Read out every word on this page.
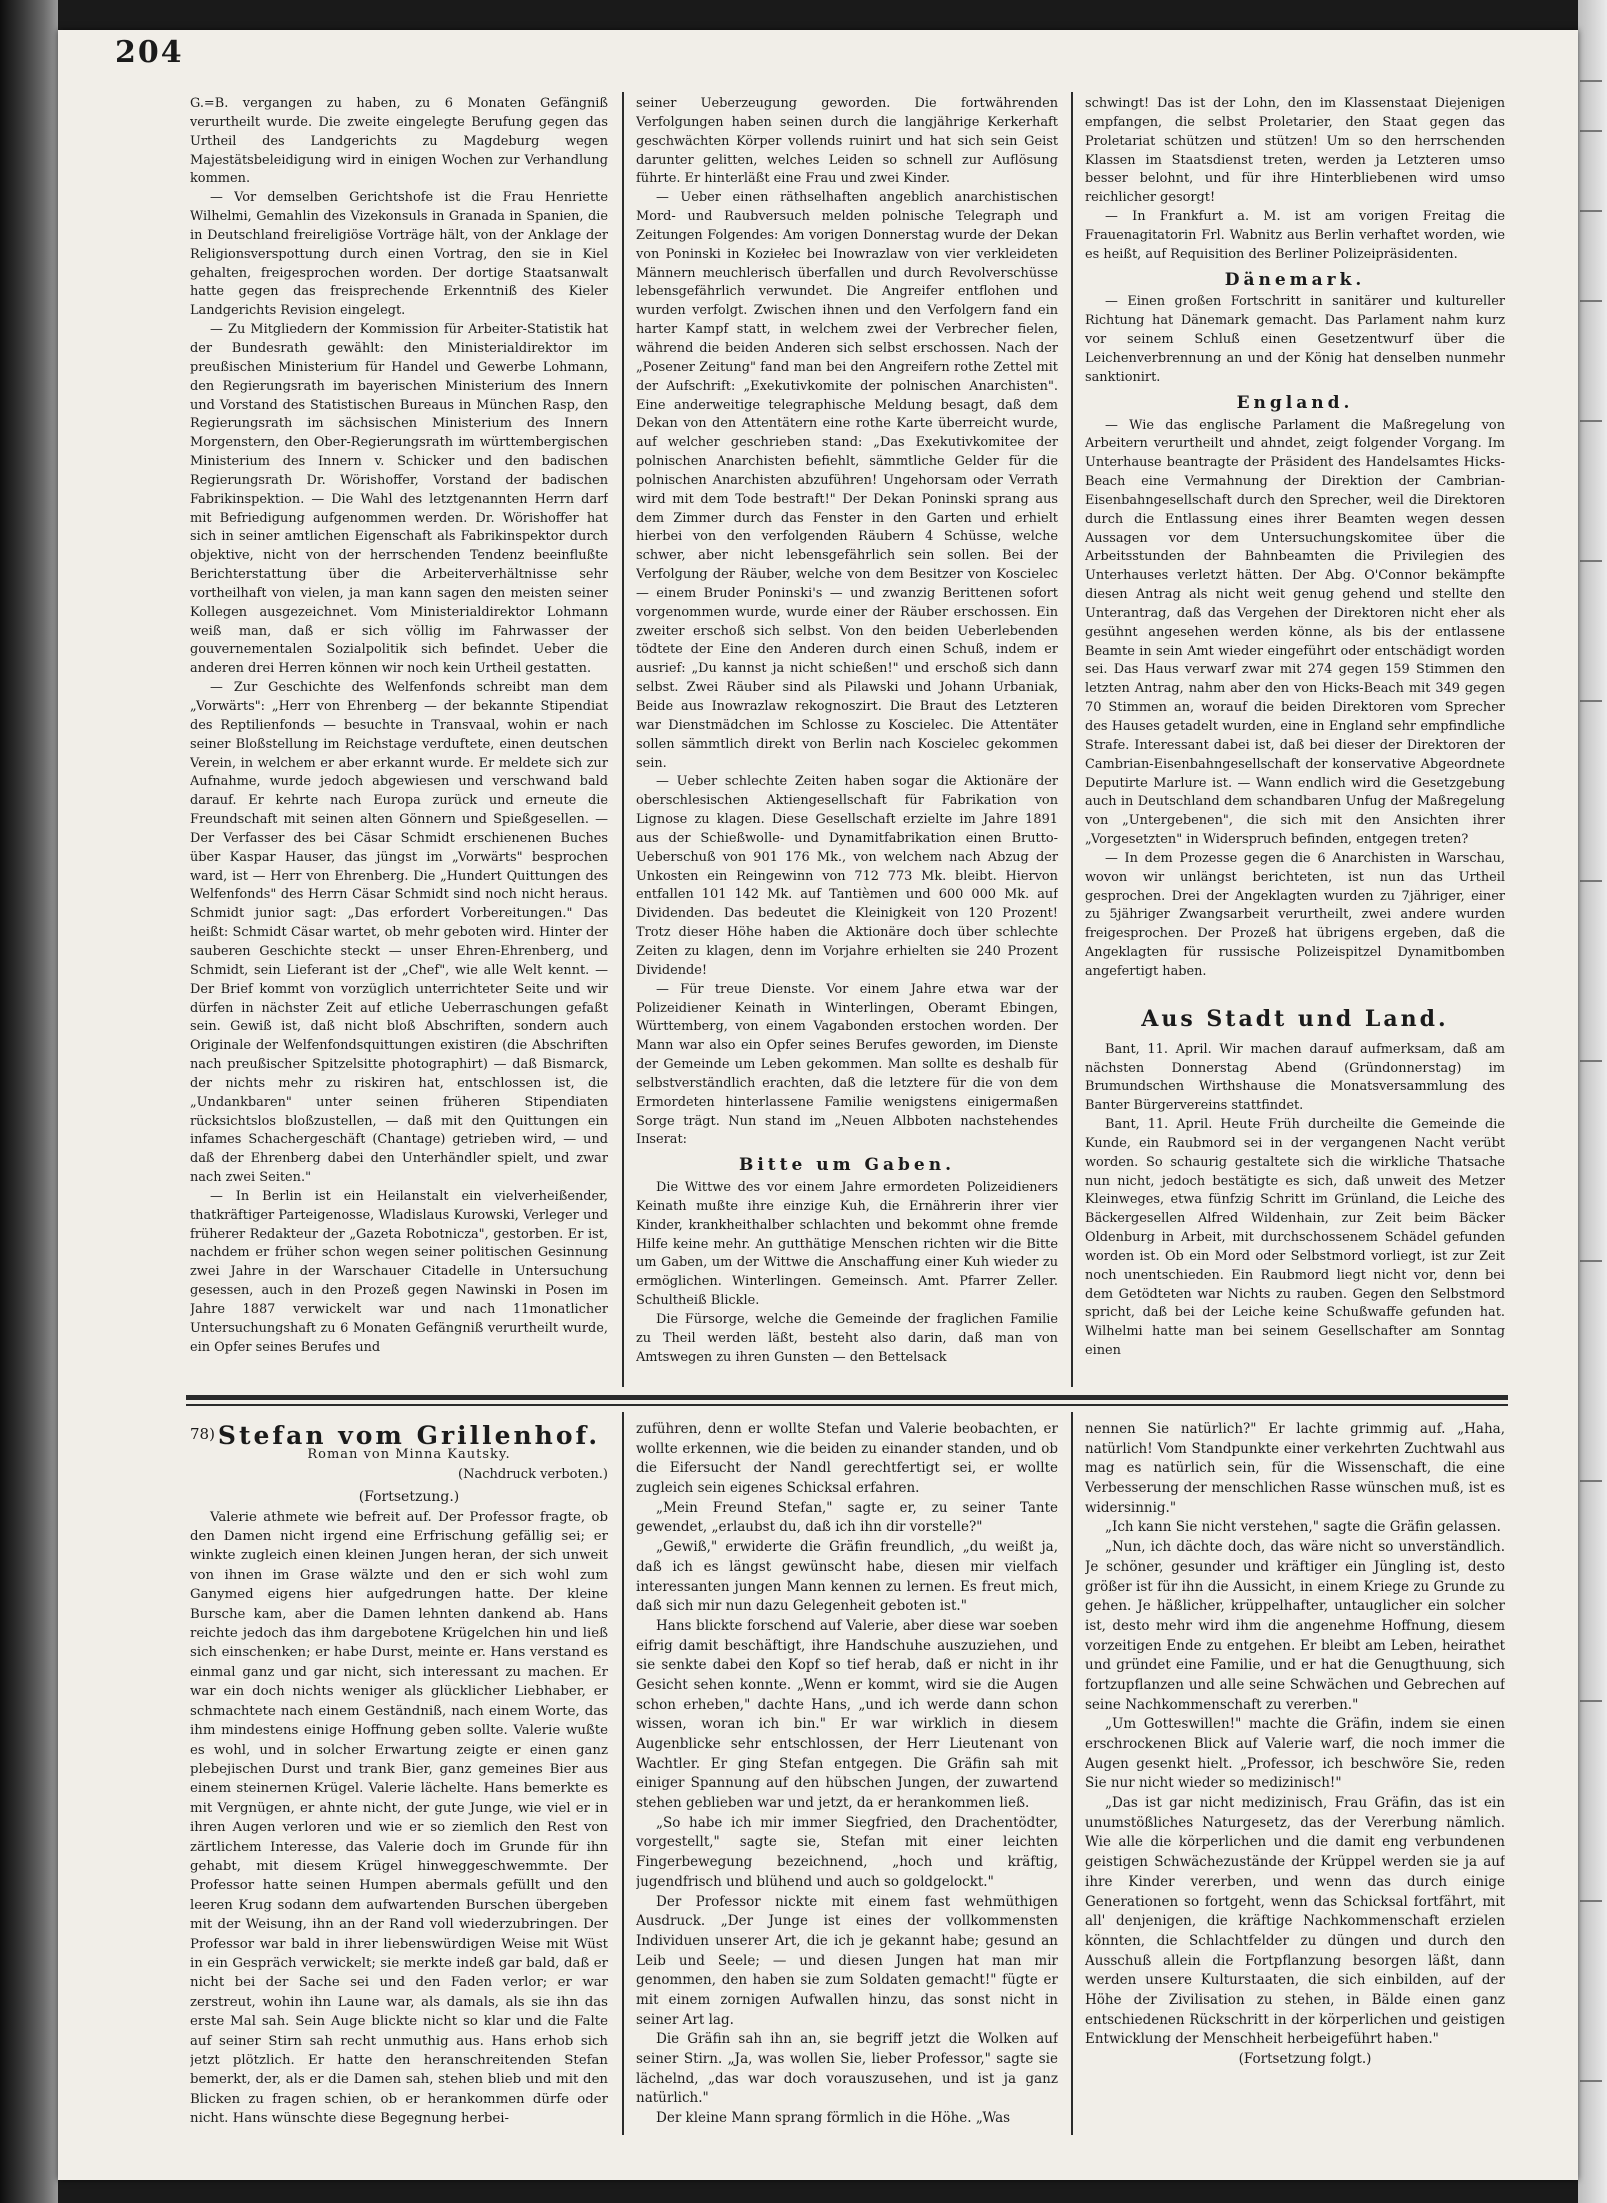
204

G.=B. vergangen zu haben, zu 6 Monaten Gefängniß verurtheilt wurde. Die zweite eingelegte Berufung gegen das Urtheil des Landgerichts zu Magdeburg wegen Majestätsbeleidigung wird in einigen Wochen zur Verhandlung kommen.

— Vor demselben Gerichtshofe ist die Frau Henriette Wilhelmi, Gemahlin des Vizekonsuls in Granada in Spanien, die in Deutschland freireligiöse Vorträge hält, von der Anklage der Religionsverspottung durch einen Vortrag, den sie in Kiel gehalten, freigesprochen worden. Der dortige Staatsanwalt hatte gegen das freisprechende Erkenntniß des Kieler Landgerichts Revision eingelegt.

— Zu Mitgliedern der Kommission für Arbeiter-Statistik hat der Bundesrath gewählt: den Ministerialdirektor im preußischen Ministerium für Handel und Gewerbe Lohmann, den Regierungsrath im bayerischen Ministerium des Innern und Vorstand des Statistischen Bureaus in München Rasp, den Regierungsrath im sächsischen Ministerium des Innern Morgenstern, den Ober-Regierungsrath im württembergischen Ministerium des Innern v. Schicker und den badischen Regierungsrath Dr. Wörishoffer, Vorstand der badischen Fabrikinspektion. — Die Wahl des letztgenannten Herrn darf mit Befriedigung aufgenommen werden. Dr. Wörishoffer hat sich in seiner amtlichen Eigenschaft als Fabrikinspektor durch objektive, nicht von der herrschenden Tendenz beeinflußte Berichterstattung über die Arbeiterverhältnisse sehr vortheilhaft von vielen, ja man kann sagen den meisten seiner Kollegen ausgezeichnet. Vom Ministerialdirektor Lohmann weiß man, daß er sich völlig im Fahrwasser der gouvernementalen Sozialpolitik sich befindet. Ueber die anderen drei Herren können wir noch kein Urtheil gestatten.

— Zur Geschichte des Welfenfonds schreibt man dem „Vorwärts": „Herr von Ehrenberg — der bekannte Stipendiat des Reptilienfonds — besuchte in Transvaal, wohin er nach seiner Bloßstellung im Reichstage verduftete, einen deutschen Verein, in welchem er aber erkannt wurde. Er meldete sich zur Aufnahme, wurde jedoch abgewiesen und verschwand bald darauf. Er kehrte nach Europa zurück und erneute die Freundschaft mit seinen alten Gönnern und Spießgesellen. — Der Verfasser des bei Cäsar Schmidt erschienenen Buches über Kaspar Hauser, das jüngst im „Vorwärts" besprochen ward, ist — Herr von Ehrenberg. Die „Hundert Quittungen des Welfenfonds" des Herrn Cäsar Schmidt sind noch nicht heraus. Schmidt junior sagt: „Das erfordert Vorbereitungen." Das heißt: Schmidt Cäsar wartet, ob mehr geboten wird. Hinter der sauberen Geschichte steckt — unser Ehren-Ehrenberg, und Schmidt, sein Lieferant ist der „Chef", wie alle Welt kennt. — Der Brief kommt von vorzüglich unterrichteter Seite und wir dürfen in nächster Zeit auf etliche Ueberraschungen gefaßt sein. Gewiß ist, daß nicht bloß Abschriften, sondern auch Originale der Welfenfondsquittungen existiren (die Abschriften nach preußischer Spitzelsitte photographirt) — daß Bismarck, der nichts mehr zu riskiren hat, entschlossen ist, die „Undankbaren" unter seinen früheren Stipendiaten rücksichtslos bloßzustellen, — daß mit den Quittungen ein infames Schachergeschäft (Chantage) getrieben wird, — und daß der Ehrenberg dabei den Unterhändler spielt, und zwar nach zwei Seiten."

— In Berlin ist ein Heilanstalt ein vielverheißender, thatkräftiger Parteigenosse, Wladislaus Kurowski, Verleger und früherer Redakteur der „Gazeta Robotnicza", gestorben. Er ist, nachdem er früher schon wegen seiner politischen Gesinnung zwei Jahre in der Warschauer Citadelle in Untersuchung gesessen, auch in den Prozeß gegen Nawinski in Posen im Jahre 1887 verwickelt war und nach 11monatlicher Untersuchungshaft zu 6 Monaten Gefängniß verurtheilt wurde, ein Opfer seines Berufes und

seiner Ueberzeugung geworden. Die fortwährenden Verfolgungen haben seinen durch die langjährige Kerkerhaft geschwächten Körper vollends ruinirt und hat sich sein Geist darunter gelitten, welches Leiden so schnell zur Auflösung führte. Er hinterläßt eine Frau und zwei Kinder.

— Ueber einen räthselhaften angeblich anarchistischen Mord- und Raubversuch melden polnische Telegraph und Zeitungen Folgendes: Am vorigen Donnerstag wurde der Dekan von Poninski in Koziełec bei Inowrazlaw von vier verkleideten Männern meuchlerisch überfallen und durch Revolverschüsse lebensgefährlich verwundet. Die Angreifer entflohen und wurden verfolgt. Zwischen ihnen und den Verfolgern fand ein harter Kampf statt, in welchem zwei der Verbrecher fielen, während die beiden Anderen sich selbst erschossen. Nach der „Posener Zeitung" fand man bei den Angreifern rothe Zettel mit der Aufschrift: „Exekutivkomite der polnischen Anarchisten". Eine anderweitige telegraphische Meldung besagt, daß dem Dekan von den Attentätern eine rothe Karte überreicht wurde, auf welcher geschrieben stand: „Das Exekutivkomitee der polnischen Anarchisten befiehlt, sämmtliche Gelder für die polnischen Anarchisten abzuführen! Ungehorsam oder Verrath wird mit dem Tode bestraft!" Der Dekan Poninski sprang aus dem Zimmer durch das Fenster in den Garten und erhielt hierbei von den verfolgenden Räubern 4 Schüsse, welche schwer, aber nicht lebensgefährlich sein sollen. Bei der Verfolgung der Räuber, welche von dem Besitzer von Koscielec — einem Bruder Poninski's — und zwanzig Berittenen sofort vorgenommen wurde, wurde einer der Räuber erschossen. Ein zweiter erschoß sich selbst. Von den beiden Ueberlebenden tödtete der Eine den Anderen durch einen Schuß, indem er ausrief: „Du kannst ja nicht schießen!" und erschoß sich dann selbst. Zwei Räuber sind als Pilawski und Johann Urbaniak, Beide aus Inowrazlaw rekognoszirt. Die Braut des Letzteren war Dienstmädchen im Schlosse zu Koscielec. Die Attentäter sollen sämmtlich direkt von Berlin nach Koscielec gekommen sein.

— Ueber schlechte Zeiten haben sogar die Aktionäre der oberschlesischen Aktiengesellschaft für Fabrikation von Lignose zu klagen. Diese Gesellschaft erzielte im Jahre 1891 aus der Schießwolle- und Dynamitfabrikation einen Brutto-Ueberschuß von 901 176 Mk., von welchem nach Abzug der Unkosten ein Reingewinn von 712 773 Mk. bleibt. Hiervon entfallen 101 142 Mk. auf Tantièmen und 600 000 Mk. auf Dividenden. Das bedeutet die Kleinigkeit von 120 Prozent! Trotz dieser Höhe haben die Aktionäre doch über schlechte Zeiten zu klagen, denn im Vorjahre erhielten sie 240 Prozent Dividende!

— Für treue Dienste. Vor einem Jahre etwa war der Polizeidiener Keinath in Winterlingen, Oberamt Ebingen, Württemberg, von einem Vagabonden erstochen worden. Der Mann war also ein Opfer seines Berufes geworden, im Dienste der Gemeinde um Leben gekommen. Man sollte es deshalb für selbstverständlich erachten, daß die letztere für die von dem Ermordeten hinterlassene Familie wenigstens einigermaßen Sorge trägt. Nun stand im „Neuen Albboten nachstehendes Inserat:

Bitte um Gaben.

Die Wittwe des vor einem Jahre ermordeten Polizeidieners Keinath mußte ihre einzige Kuh, die Ernährerin ihrer vier Kinder, krankheithalber schlachten und bekommt ohne fremde Hilfe keine mehr. An gutthätige Menschen richten wir die Bitte um Gaben, um der Wittwe die Anschaffung einer Kuh wieder zu ermöglichen. Winterlingen. Gemeinsch. Amt. Pfarrer Zeller. Schultheiß Blickle.

Die Fürsorge, welche die Gemeinde der fraglichen Familie zu Theil werden läßt, besteht also darin, daß man von Amtswegen zu ihren Gunsten — den Bettelsack

schwingt! Das ist der Lohn, den im Klassenstaat Diejenigen empfangen, die selbst Proletarier, den Staat gegen das Proletariat schützen und stützen! Um so den herrschenden Klassen im Staatsdienst treten, werden ja Letzteren umso besser belohnt, und für ihre Hinterbliebenen wird umso reichlicher gesorgt!

— In Frankfurt a. M. ist am vorigen Freitag die Frauenagitatorin Frl. Wabnitz aus Berlin verhaftet worden, wie es heißt, auf Requisition des Berliner Polizeipräsidenten.

Dänemark.

— Einen großen Fortschritt in sanitärer und kultureller Richtung hat Dänemark gemacht. Das Parlament nahm kurz vor seinem Schluß einen Gesetzentwurf über die Leichenverbrennung an und der König hat denselben nunmehr sanktionirt.

England.

— Wie das englische Parlament die Maßregelung von Arbeitern verurtheilt und ahndet, zeigt folgender Vorgang. Im Unterhause beantragte der Präsident des Handelsamtes Hicks-Beach eine Vermahnung der Direktion der Cambrian-Eisenbahngesellschaft durch den Sprecher, weil die Direktoren durch die Entlassung eines ihrer Beamten wegen dessen Aussagen vor dem Untersuchungskomitee über die Arbeitsstunden der Bahnbeamten die Privilegien des Unterhauses verletzt hätten. Der Abg. O'Connor bekämpfte diesen Antrag als nicht weit genug gehend und stellte den Unterantrag, daß das Vergehen der Direktoren nicht eher als gesühnt angesehen werden könne, als bis der entlassene Beamte in sein Amt wieder eingeführt oder entschädigt worden sei. Das Haus verwarf zwar mit 274 gegen 159 Stimmen den letzten Antrag, nahm aber den von Hicks-Beach mit 349 gegen 70 Stimmen an, worauf die beiden Direktoren vom Sprecher des Hauses getadelt wurden, eine in England sehr empfindliche Strafe. Interessant dabei ist, daß bei dieser der Direktoren der Cambrian-Eisenbahngesellschaft der konservative Abgeordnete Deputirte Marlure ist. — Wann endlich wird die Gesetzgebung auch in Deutschland dem schandbaren Unfug der Maßregelung von „Untergebenen", die sich mit den Ansichten ihrer „Vorgesetzten" in Widerspruch befinden, entgegen treten?

— In dem Prozesse gegen die 6 Anarchisten in Warschau, wovon wir unlängst berichteten, ist nun das Urtheil gesprochen. Drei der Angeklagten wurden zu 7jähriger, einer zu 5jähriger Zwangsarbeit verurtheilt, zwei andere wurden freigesprochen. Der Prozeß hat übrigens ergeben, daß die Angeklagten für russische Polizeispitzel Dynamitbomben angefertigt haben.

Aus Stadt und Land.

Bant, 11. April. Wir machen darauf aufmerksam, daß am nächsten Donnerstag Abend (Gründonnerstag) im Brumundschen Wirthshause die Monatsversammlung des Banter Bürgervereins stattfindet.

Bant, 11. April. Heute Früh durcheilte die Gemeinde die Kunde, ein Raubmord sei in der vergangenen Nacht verübt worden. So schaurig gestaltete sich die wirkliche Thatsache nun nicht, jedoch bestätigte es sich, daß unweit des Metzer Kleinweges, etwa fünfzig Schritt im Grünland, die Leiche des Bäckergesellen Alfred Wildenhain, zur Zeit beim Bäcker Oldenburg in Arbeit, mit durchschossenem Schädel gefunden worden ist. Ob ein Mord oder Selbstmord vorliegt, ist zur Zeit noch unentschieden. Ein Raubmord liegt nicht vor, denn bei dem Getödteten war Nichts zu rauben. Gegen den Selbstmord spricht, daß bei der Leiche keine Schußwaffe gefunden hat. Wilhelmi hatte man bei seinem Gesellschafter am Sonntag einen

78) Stefan vom Grillenhof.

Roman von Minna Kautsky.

(Nachdruck verboten.)

(Fortsetzung.)

Valerie athmete wie befreit auf. Der Professor fragte, ob den Damen nicht irgend eine Erfrischung gefällig sei; er winkte zugleich einen kleinen Jungen heran, der sich unweit von ihnen im Grase wälzte und den er sich wohl zum Ganymed eigens hier aufgedrungen hatte. Der kleine Bursche kam, aber die Damen lehnten dankend ab. Hans reichte jedoch das ihm dargebotene Krügelchen hin und ließ sich einschenken; er habe Durst, meinte er. Hans verstand es einmal ganz und gar nicht, sich interessant zu machen. Er war ein doch nichts weniger als glücklicher Liebhaber, er schmachtete nach einem Geständniß, nach einem Worte, das ihm mindestens einige Hoffnung geben sollte. Valerie wußte es wohl, und in solcher Erwartung zeigte er einen ganz plebejischen Durst und trank Bier, ganz gemeines Bier aus einem steinernen Krügel. Valerie lächelte. Hans bemerkte es mit Vergnügen, er ahnte nicht, der gute Junge, wie viel er in ihren Augen verloren und wie er so ziemlich den Rest von zärtlichem Interesse, das Valerie doch im Grunde für ihn gehabt, mit diesem Krügel hinweggeschwemmte. Der Professor hatte seinen Humpen abermals gefüllt und den leeren Krug sodann dem aufwartenden Burschen übergeben mit der Weisung, ihn an der Rand voll wiederzubringen. Der Professor war bald in ihrer liebenswürdigen Weise mit Wüst in ein Gespräch verwickelt; sie merkte indeß gar bald, daß er nicht bei der Sache sei und den Faden verlor; er war zerstreut, wohin ihn Laune war, als damals, als sie ihn das erste Mal sah. Sein Auge blickte nicht so klar und die Falte auf seiner Stirn sah recht unmuthig aus. Hans erhob sich jetzt plötzlich. Er hatte den heranschreitenden Stefan bemerkt, der, als er die Damen sah, stehen blieb und mit den Blicken zu fragen schien, ob er herankommen dürfe oder nicht. Hans wünschte diese Begegnung herbei-

zuführen, denn er wollte Stefan und Valerie beobachten, er wollte erkennen, wie die beiden zu einander standen, und ob die Eifersucht der Nandl gerechtfertigt sei, er wollte zugleich sein eigenes Schicksal erfahren.

„Mein Freund Stefan," sagte er, zu seiner Tante gewendet, „erlaubst du, daß ich ihn dir vorstelle?"

„Gewiß," erwiderte die Gräfin freundlich, „du weißt ja, daß ich es längst gewünscht habe, diesen mir vielfach interessanten jungen Mann kennen zu lernen. Es freut mich, daß sich mir nun dazu Gelegenheit geboten ist."

Hans blickte forschend auf Valerie, aber diese war soeben eifrig damit beschäftigt, ihre Handschuhe auszuziehen, und sie senkte dabei den Kopf so tief herab, daß er nicht in ihr Gesicht sehen konnte. „Wenn er kommt, wird sie die Augen schon erheben," dachte Hans, „und ich werde dann schon wissen, woran ich bin." Er war wirklich in diesem Augenblicke sehr entschlossen, der Herr Lieutenant von Wachtler. Er ging Stefan entgegen. Die Gräfin sah mit einiger Spannung auf den hübschen Jungen, der zuwartend stehen geblieben war und jetzt, da er herankommen ließ.

„So habe ich mir immer Siegfried, den Drachentödter, vorgestellt," sagte sie, Stefan mit einer leichten Fingerbewegung bezeichnend, „hoch und kräftig, jugendfrisch und blühend und auch so goldgelockt."

Der Professor nickte mit einem fast wehmüthigen Ausdruck. „Der Junge ist eines der vollkommensten Individuen unserer Art, die ich je gekannt habe; gesund an Leib und Seele; — und diesen Jungen hat man mir genommen, den haben sie zum Soldaten gemacht!" fügte er mit einem zornigen Aufwallen hinzu, das sonst nicht in seiner Art lag.

Die Gräfin sah ihn an, sie begriff jetzt die Wolken auf seiner Stirn. „Ja, was wollen Sie, lieber Professor," sagte sie lächelnd, „das war doch vorauszusehen, und ist ja ganz natürlich."

Der kleine Mann sprang förmlich in die Höhe. „Was

nennen Sie natürlich?" Er lachte grimmig auf. „Haha, natürlich! Vom Standpunkte einer verkehrten Zuchtwahl aus mag es natürlich sein, für die Wissenschaft, die eine Verbesserung der menschlichen Rasse wünschen muß, ist es widersinnig."

„Ich kann Sie nicht verstehen," sagte die Gräfin gelassen.

„Nun, ich dächte doch, das wäre nicht so unverständlich. Je schöner, gesunder und kräftiger ein Jüngling ist, desto größer ist für ihn die Aussicht, in einem Kriege zu Grunde zu gehen. Je häßlicher, krüppelhafter, untauglicher ein solcher ist, desto mehr wird ihm die angenehme Hoffnung, diesem vorzeitigen Ende zu entgehen. Er bleibt am Leben, heirathet und gründet eine Familie, und er hat die Genugthuung, sich fortzupflanzen und alle seine Schwächen und Gebrechen auf seine Nachkommenschaft zu vererben."

„Um Gotteswillen!" machte die Gräfin, indem sie einen erschrockenen Blick auf Valerie warf, die noch immer die Augen gesenkt hielt. „Professor, ich beschwöre Sie, reden Sie nur nicht wieder so medizinisch!"

„Das ist gar nicht medizinisch, Frau Gräfin, das ist ein unumstößliches Naturgesetz, das der Vererbung nämlich. Wie alle die körperlichen und die damit eng verbundenen geistigen Schwächezustände der Krüppel werden sie ja auf ihre Kinder vererben, und wenn das durch einige Generationen so fortgeht, wenn das Schicksal fortfährt, mit all' denjenigen, die kräftige Nachkommenschaft erzielen könnten, die Schlachtfelder zu düngen und durch den Ausschuß allein die Fortpflanzung besorgen läßt, dann werden unsere Kulturstaaten, die sich einbilden, auf der Höhe der Zivilisation zu stehen, in Bälde einen ganz entschiedenen Rückschritt in der körperlichen und geistigen Entwicklung der Menschheit herbeigeführt haben."

(Fortsetzung folgt.)
